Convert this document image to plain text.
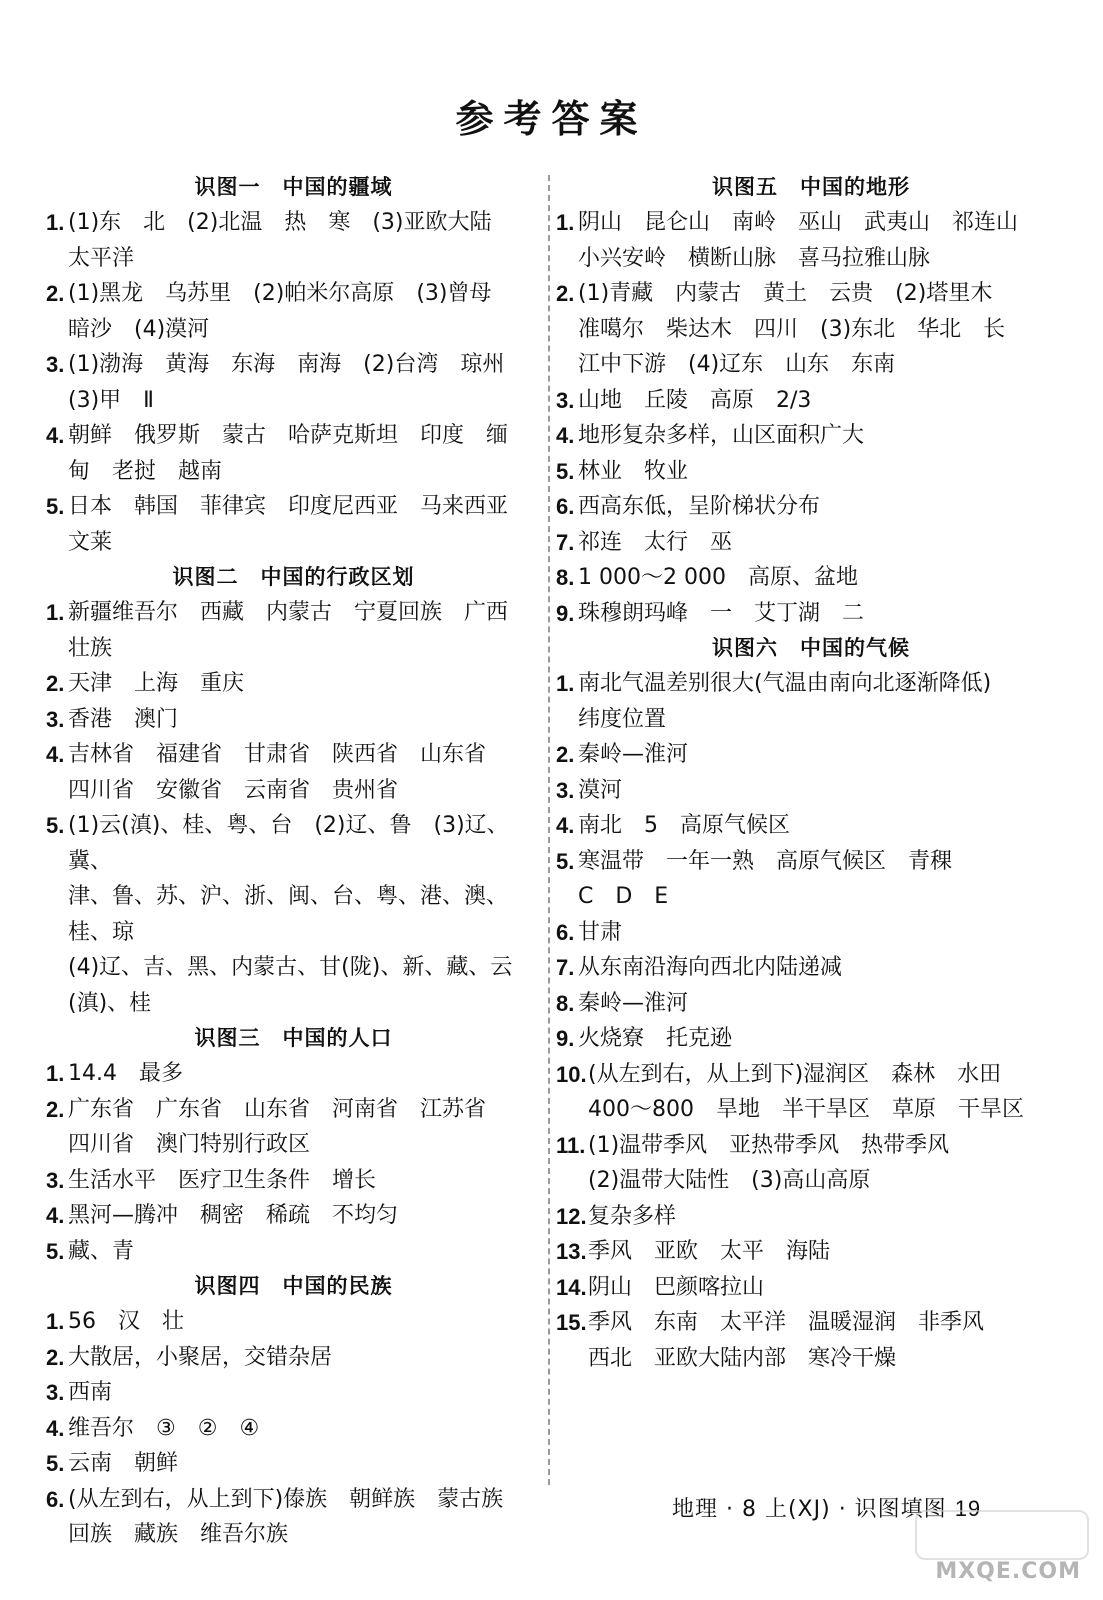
参考答案
识图一　中国的疆域
1. (1)东　北　(2)北温　热　寒　(3)亚欧大陆
太平洋
2. (1)黑龙　乌苏里　(2)帕米尔高原　(3)曾母
暗沙　(4)漠河
3. (1)渤海　黄海　东海　南海　(2)台湾　琼州
(3)甲　Ⅱ
4. 朝鲜　俄罗斯　蒙古　哈萨克斯坦　印度　缅
甸　老挝　越南
5. 日本　韩国　菲律宾　印度尼西亚　马来西亚
文莱
识图二　中国的行政区划
1. 新疆维吾尔　西藏　内蒙古　宁夏回族　广西
壮族
2. 天津　上海　重庆
3. 香港　澳门
4. 吉林省　福建省　甘肃省　陕西省　山东省
四川省　安徽省　云南省　贵州省
5. (1)云(滇)、桂、粤、台　(2)辽、鲁　(3)辽、冀、
津、鲁、苏、沪、浙、闽、台、粤、港、澳、桂、琼
(4)辽、吉、黑、内蒙古、甘(陇)、新、藏、云
(滇)、桂
识图三　中国的人口
1. 14.4　最多
2. 广东省　广东省　山东省　河南省　江苏省
四川省　澳门特别行政区
3. 生活水平　医疗卫生条件　增长
4. 黑河—腾冲　稠密　稀疏　不均匀
5. 藏、青
识图四　中国的民族
1. 56　汉　壮
2. 大散居，小聚居，交错杂居
3. 西南
4. 维吾尔　③　②　④
5. 云南　朝鲜
6. (从左到右，从上到下)傣族　朝鲜族　蒙古族
回族　藏族　维吾尔族
识图五　中国的地形
1. 阴山　昆仑山　南岭　巫山　武夷山　祁连山
小兴安岭　横断山脉　喜马拉雅山脉
2. (1)青藏　内蒙古　黄土　云贵　(2)塔里木
准噶尔　柴达木　四川　(3)东北　华北　长
江中下游　(4)辽东　山东　东南
3. 山地　丘陵　高原　2/3
4. 地形复杂多样，山区面积广大
5. 林业　牧业
6. 西高东低，呈阶梯状分布
7. 祁连　太行　巫
8. 1 000～2 000　高原、盆地
9. 珠穆朗玛峰　一　艾丁湖　二
识图六　中国的气候
1. 南北气温差别很大(气温由南向北逐渐降低)
纬度位置
2. 秦岭—淮河
3. 漠河
4. 南北　5　高原气候区
5. 寒温带　一年一熟　高原气候区　青稞
C　D　E
6. 甘肃
7. 从东南沿海向西北内陆递减
8. 秦岭—淮河
9. 火烧寮　托克逊
10. (从左到右，从上到下)湿润区　森林　水田
400～800　旱地　半干旱区　草原　干旱区
11. (1)温带季风　亚热带季风　热带季风
(2)温带大陆性　(3)高山高原
12. 复杂多样
13. 季风　亚欧　太平　海陆
14. 阴山　巴颜喀拉山
15. 季风　东南　太平洋　温暖湿润　非季风
西北　亚欧大陆内部　寒冷干燥
地理 · 8 上(XJ) · 识图填图 19
MXQE.COM
